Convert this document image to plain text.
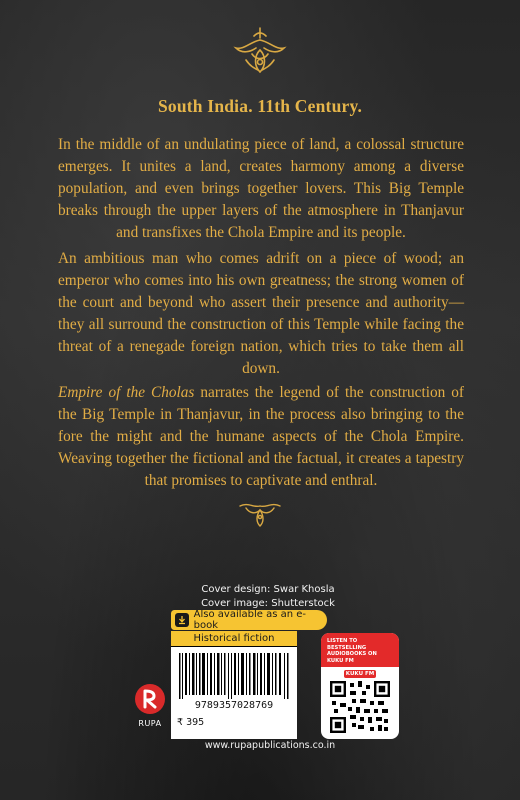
South India. 11th Century.
In the middle of an undulating piece of land, a colossal structure emerges. It unites a land, creates harmony among a diverse population, and even brings together lovers. This Big Temple breaks through the upper layers of the atmosphere in Thanjavur and transfixes the Chola Empire and its people.
An ambitious man who comes adrift on a piece of wood; an emperor who comes into his own greatness; the strong women of the court and beyond who assert their presence and authority—they all surround the construction of this Temple while facing the threat of a renegade foreign nation, which tries to take them all down.
Empire of the Cholas narrates the legend of the construction of the Big Temple in Thanjavur, in the process also bringing to the fore the might and the humane aspects of the Chola Empire. Weaving together the fictional and the factual, it creates a tapestry that promises to captivate and enthral.
Cover design: Swar Khosla
Cover image: Shutterstock
Also available as an e-book
Historical fiction
9789357028769
₹ 395
RUPA
www.rupapublications.co.in
LISTEN TO BESTSELLING
AUDIOBOOKS ON
KUKU FM
KUKU FM
